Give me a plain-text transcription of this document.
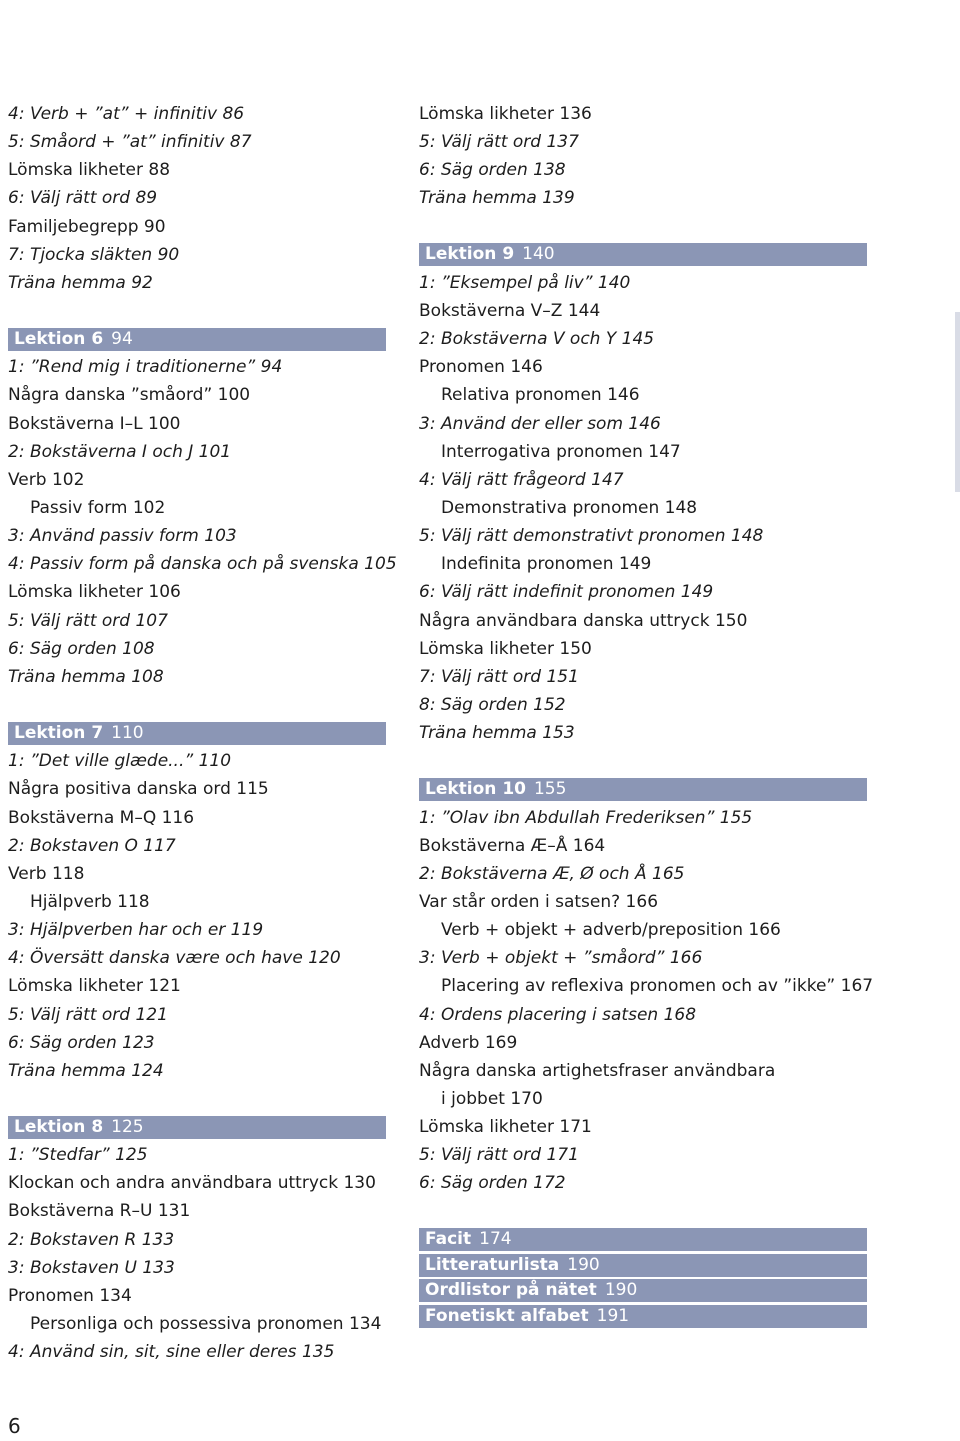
4: Verb + ”at” + infinitiv 86
5: Småord + ”at” infinitiv 87
Lömska likheter 88
6: Välj rätt ord 89
Familjebegrepp 90
7: Tjocka släkten 90
Träna hemma 92
Lektion 6 94
1: ”Rend mig i traditionerne” 94
Några danska ”småord” 100
Bokstäverna I–L 100
2: Bokstäverna I och J 101
Verb 102
Passiv form 102
3: Använd passiv form 103
4: Passiv form på danska och på svenska 105
Lömska likheter 106
5: Välj rätt ord 107
6: Säg orden 108
Träna hemma 108
Lektion 7 110
1: ”Det ville glæde...” 110
Några positiva danska ord 115
Bokstäverna M–Q 116
2: Bokstaven O 117
Verb 118
Hjälpverb 118
3: Hjälpverben har och er 119
4: Översätt danska være och have 120
Lömska likheter 121
5: Välj rätt ord 121
6: Säg orden 123
Träna hemma 124
Lektion 8 125
1: ”Stedfar” 125
Klockan och andra användbara uttryck 130
Bokstäverna R–U 131
2: Bokstaven R 133
3: Bokstaven U 133
Pronomen 134
Personliga och possessiva pronomen 134
4: Använd sin, sit, sine eller deres 135
Lömska likheter 136
5: Välj rätt ord 137
6: Säg orden 138
Träna hemma 139
Lektion 9 140
1: ”Eksempel på liv” 140
Bokstäverna V–Z 144
2: Bokstäverna V och Y 145
Pronomen 146
Relativa pronomen 146
3: Använd der eller som 146
Interrogativa pronomen 147
4: Välj rätt frågeord 147
Demonstrativa pronomen 148
5: Välj rätt demonstrativt pronomen 148
Indefinita pronomen 149
6: Välj rätt indefinit pronomen 149
Några användbara danska uttryck 150
Lömska likheter 150
7: Välj rätt ord 151
8: Säg orden 152
Träna hemma 153
Lektion 10 155
1: ”Olav ibn Abdullah Frederiksen” 155
Bokstäverna Æ–Å 164
2: Bokstäverna Æ, Ø och Å 165
Var står orden i satsen? 166
Verb + objekt + adverb/preposition 166
3: Verb + objekt + ”småord” 166
Placering av reflexiva pronomen och av ”ikke” 167
4: Ordens placering i satsen 168
Adverb 169
Några danska artighetsfraser användbara
i jobbet 170
Lömska likheter 171
5: Välj rätt ord 171
6: Säg orden 172
Facit 174
Litteraturlista 190
Ordlistor på nätet 190
Fonetiskt alfabet 191
6
